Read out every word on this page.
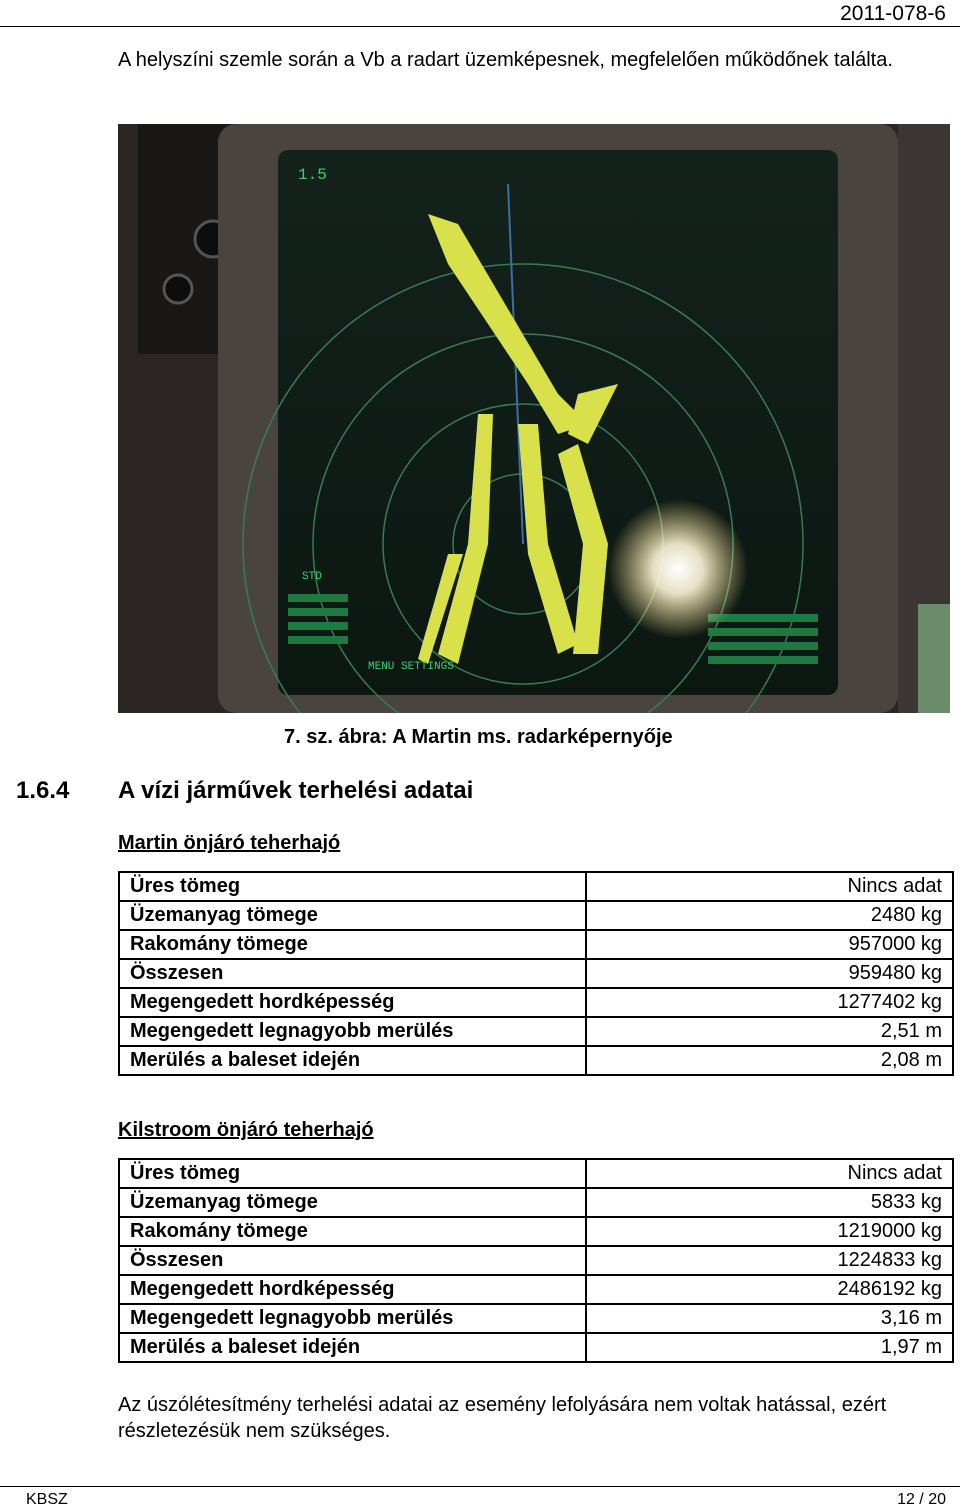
2011-078-6
A helyszíni szemle során a Vb a radart üzemképesnek, megfelelően működőnek találta.
1.5
STD
MENU SETTINGS
7. sz. ábra: A Martin ms. radarképernyője
1.6.4 A vízi járművek terhelési adatai
Martin önjáró teherhajó
Üres tömeg	Nincs adat
Üzemanyag tömege	2480 kg
Rakomány tömege	957000 kg
Összesen	959480 kg
Megengedett hordképesség	1277402 kg
Megengedett legnagyobb merülés	2,51 m
Merülés a baleset idején	2,08 m
Kilstroom önjáró teherhajó
Üres tömeg	Nincs adat
Üzemanyag tömege	5833 kg
Rakomány tömege	1219000 kg
Összesen	1224833 kg
Megengedett hordképesség	2486192 kg
Megengedett legnagyobb merülés	3,16 m
Merülés a baleset idején	1,97 m
Az úszólétesítmény terhelési adatai az esemény lefolyására nem voltak hatással, ezért részletezésük nem szükséges.
KBSZ	12 / 20
